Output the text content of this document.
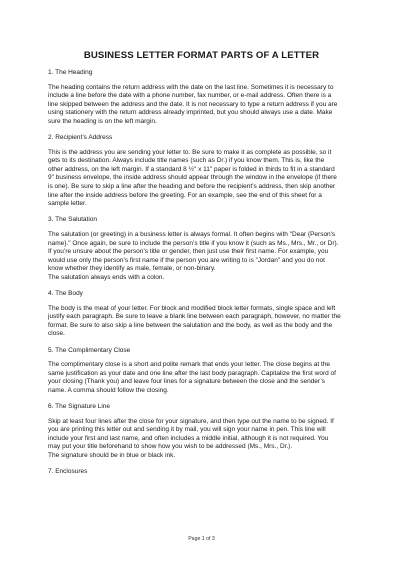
BUSINESS LETTER FORMAT PARTS OF A LETTER
1. The Heading
The heading contains the return address with the date on the last line. Sometimes it is necessary to
include a line before the date with a phone number, fax number, or e-mail address. Often there is a
line skipped between the address and the date. It is not necessary to type a return address if you are
using stationery with the return address already imprinted, but you should always use a date. Make
sure the heading is on the left margin.
2. Recipient’s Address
This is the address you are sending your letter to. Be sure to make it as complete as possible, so it
gets to its destination. Always include title names (such as Dr.) if you know them. This is, like the
other address, on the left margin. If a standard 8 ½" x 11" paper is folded in thirds to fit in a standard
9" business envelope, the inside address should appear through the window in the envelope (if there
is one). Be sure to skip a line after the heading and before the recipient’s address, then skip another
line after the inside address before the greeting. For an example, see the end of this sheet for a
sample letter.
3. The Salutation
The salutation (or greeting) in a business letter is always formal. It often begins with "Dear {Person's
name}." Once again, be sure to include the person’s title if you know it (such as Ms., Mrs., Mr., or Dr).
If you’re unsure about the person’s title or gender, then just use their first name. For example, you
would use only the person’s first name if the person you are writing to is "Jordan" and you do not
know whether they identify as male, female, or non-binary.
The salutation always ends with a colon.
4. The Body
The body is the meat of your letter. For block and modified block letter formats, single space and left
justify each paragraph. Be sure to leave a blank line between each paragraph, however, no matter the
format. Be sure to also skip a line between the salutation and the body, as well as the body and the
close.
5. The Complimentary Close
The complimentary close is a short and polite remark that ends your letter. The close begins at the
same justification as your date and one line after the last body paragraph. Capitalize the first word of
your closing (Thank you) and leave four lines for a signature between the close and the sender’s
name. A comma should follow the closing.
6. The Signature Line
Skip at least four lines after the close for your signature, and then type out the name to be signed. If
you are printing this letter out and sending it by mail, you will sign your name in pen. This line will
include your first and last name, and often includes a middle initial, although it is not required. You
may put your title beforehand to show how you wish to be addressed (Ms., Mrs., Dr.).
The signature should be in blue or black ink.
7. Enclosures
Page 1 of 3
